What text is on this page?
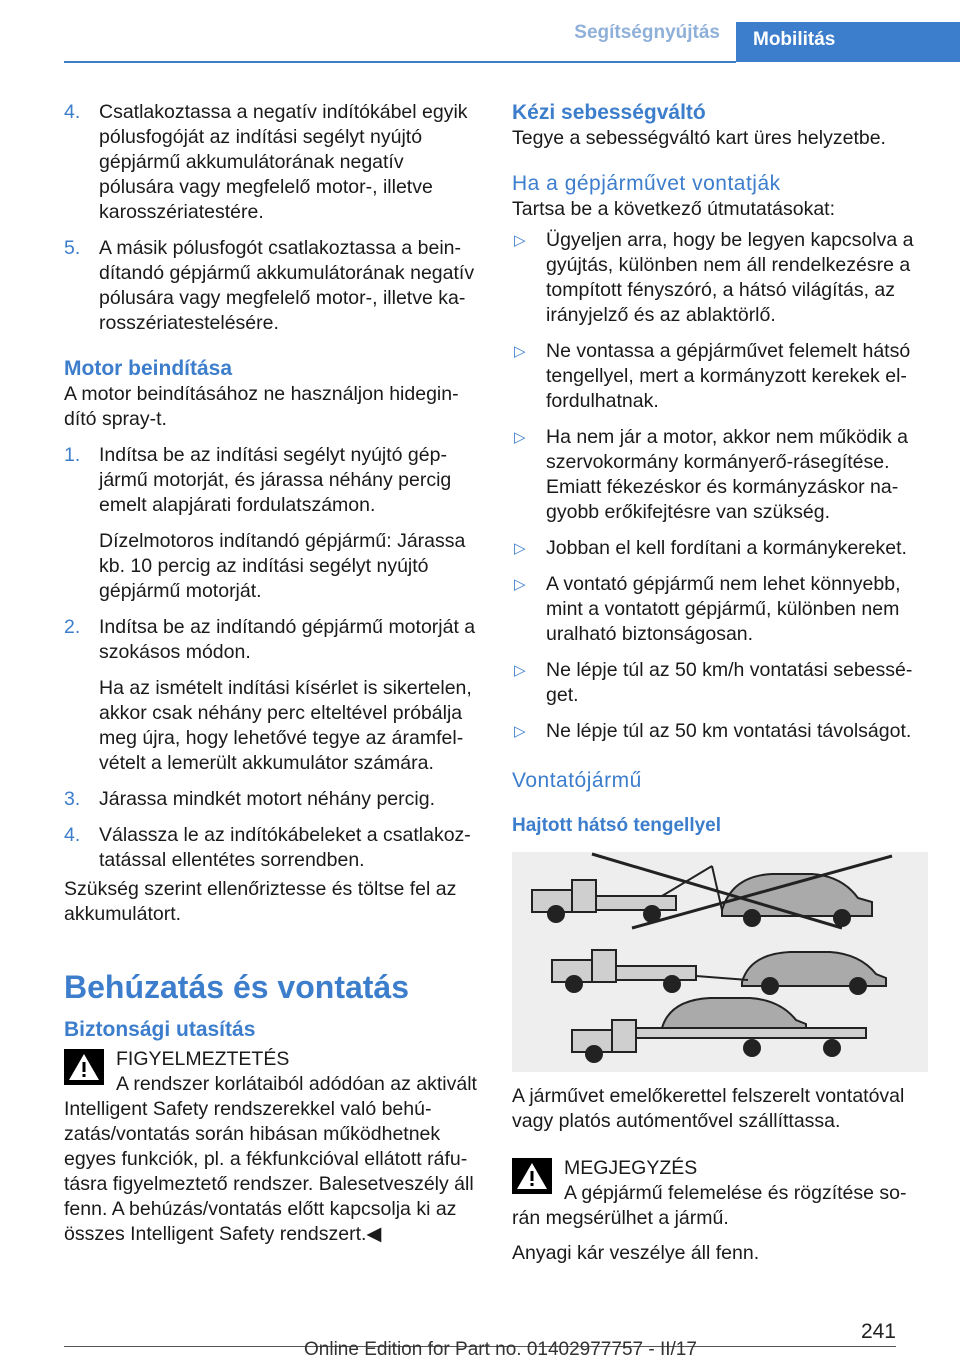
Segítségnyújtás	Mobilitás
4. Csatlakoztassa a negatív indítókábel egyik pólusfogóját az indítási segélyt nyújtó gépjármű akkumulátorának negatív pólusára vagy megfelelő motor-, illetve karosszériatestére.
5. A másik pólusfogót csatlakoztassa a beindítandó gépjármű akkumulátorának negatív pólusára vagy megfelelő motor-, illetve karosszériatestelésére.
Motor beindítása

A motor beindításához ne használjon hidegindító spray-t.

1. Indítsa be az indítási segélyt nyújtó gépjármű motorját, és járassa néhány percig emelt alapjárati fordulatszámon.

Dízelmotoros indítandó gépjármű: Járassa kb. 10 percig az indítási segélyt nyújtó gépjármű motorját.

2. Indítsa be az indítandó gépjármű motorját a szokásos módon.

Ha az ismételt indítási kísérlet is sikertelen, akkor csak néhány perc elteltével próbálja meg újra, hogy lehetővé tegye az áramfelvételt a lemerült akkumulátor számára.

3. Járassa mindkét motort néhány percig.
4. Válassza le az indítókábeleket a csatlakoztatással ellentétes sorrendben.

Szükség szerint ellenőriztesse és töltse fel az akkumulátort.

Behúzatás és vontatás
Biztonsági utasítás

FIGYELMEZTETÉS

A rendszer korlátaiból adódóan az aktivált Intelligent Safety rendszerekkel való behúzatás/vontatás során hibásan működhetnek egyes funkciók, pl. a fékfunkcióval ellátott ráfutásra figyelmeztető rendszer. Balesetveszély áll fenn. A behúzás/vontatás előtt kapcsolja ki az összes Intelligent Safety rendszert.◀

Kézi sebességváltó

Tegye a sebességváltó kart üres helyzetbe.

Ha a gépjárművet vontatják

Tartsa be a következő útmutatásokat:

▷ Ügyeljen arra, hogy be legyen kapcsolva a gyújtás, különben nem áll rendelkezésre a tompított fényszóró, a hátsó világítás, az irányjelző és az ablaktörlő.
▷ Ne vontassa a gépjárművet felemelt hátsó tengellyel, mert a kormányzott kerekek elfordulhatnak.
▷ Ha nem jár a motor, akkor nem működik a szervokormány kormányerő-rásegítése. Emiatt fékezéskor és kormányzáskor nagyobb erőkifejtésre van szükség.
▷ Jobban el kell fordítani a kormánykereket.
▷ A vontató gépjármű nem lehet könnyebb, mint a vontatott gépjármű, különben nem uralható biztonságosan.
▷ Ne lépje túl az 50 km/h vontatási sebességet.
▷ Ne lépje túl az 50 km vontatási távolságot.
Vontatójármű
Hajtott hátsó tengellyel

A járművet emelőkerettel felszerelt vontatóval vagy platós autómentővel szállíttassa.

MEGJEGYZÉS

A gépjármű felemelése és rögzítése során megsérülhet a jármű.

Anyagi kár veszélye áll fenn.

241
Online Edition for Part no. 01402977757 - II/17
